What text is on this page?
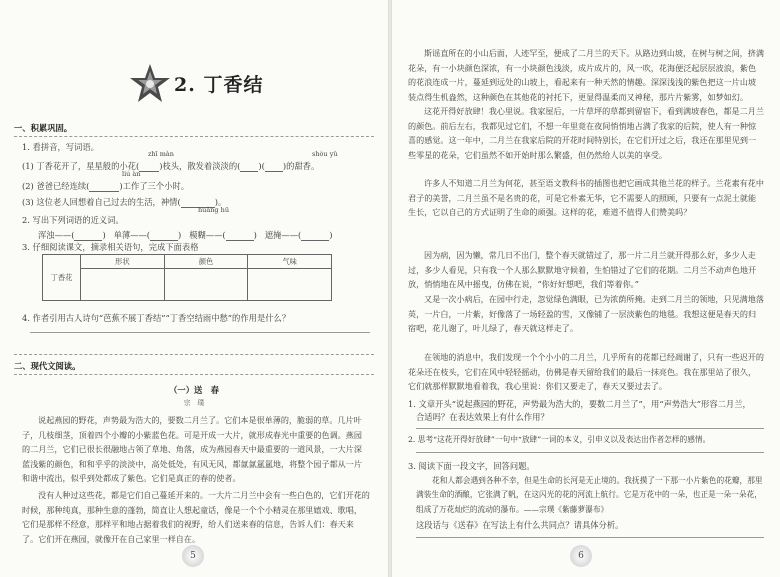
2. 丁香结
一、积累巩固。
1. 看拼音，写词语。
zhī màn	shòu yǔ
(1) 丁香花开了，星星般的小花( )枝头，散发着淡淡的( )( )的甜香。
liú àn
(2) 爸爸已经连续(	)工作了三个小时。
(3) 这位老人回想着自己过去的生活，神情(	)。
huǎng hū
2. 写出下列词语的近义词。
浑浊——(	) 单薄——(	) 模糊——(	) 遮掩——(	)
3. 仔细阅读课文，摘录相关语句，完成下面表格
丁香花	形状	颜色	气味

4. 作者引用古人诗句“芭蕉不展丁香结”“丁香空结雨中愁”的作用是什么？
二、现代文阅读。
（一）送　春
宗　璞
说起燕园的野花，声势最为浩大的，要数二月兰了。它们本是很单薄的，脆弱的草。几片叶子，几枝细茎，顶着四个小瓣的小紫蓝色花。可是开成一大片，就形成春光中重要的色调。燕园的二月兰，它们已很长很融地占领了草地、角落，成为燕园春天中最重要的一道风景，一大片深蓝浅紫的颜色，和和乎乎的淡淡中，高处低处，有风无风，都氤氤氲氲地，将整个园子都从一片和谐中流出，似乎到处都成了紫色。它们是真正的春的使者。
没有人种过这些花，都是它们自己蔓延开来的。一大片二月兰中会有一些白色的，它们开花的时候，那种纯真，那种生意的蓬勃，简直让人想起童话，像是一个个小精灵在那里嬉戏、歌唱，它们是那样不经意，那样平和地占据着我们的视野，给人们送来春的信息，告诉人们：春天来了。它们开在燕园，就像开在自己家里一样自在。
5
斯谣直所在的小山后面，人迹罕至，便成了二月兰的天下。从路边到山坡，在树与树之间，挤满花朵，有一小块颜色深浓，有一小块颜色浅淡，成片成片的，风一吹，花海便泛起层层波浪，紫色的花浪连成一片，蔓延到远处的山坡上，看起来有一种天然的情趣。深深浅浅的紫色把这一片山坡装点得生机盎然，这种颜色在其他花的衬托下，更显得温柔而又神秘，那片片紫雾，如梦如幻。
这花开得好放肆！我心里说。我家屋后，一片草坪的草都到留宿下，看到满坡春色，都是二月兰的颜色。前后左右，我都见过它们，不想一年里竟在夜间悄悄地占满了我家的后院，使人有一种惊喜的感觉。这一年中，二月兰在我家后院的开花时间特别长，在它们开过之后，我还在那里见到一些零星的花朵，它们虽然不如开始时那么繁盛，但仍然给人以美的享受。
许多人不知道二月兰为何花，甚至语文教科书的插图也把它画成其他兰花的样子。兰花素有花中君子的美誉，二月兰虽不是名贵的花，可是它朴素无华，它不需要人的照顾，只要有一点泥土就能生长，它以自己的方式证明了生命的顽强。这样的花，难道不值得人们赞美吗？
因为病，因为懒，常几日不出门，整个春天就错过了，那一片二月兰就开得那么好，多少人走过，多少人看见，只有我一个人那么默默地守候着，生怕错过了它们的花期。二月兰不动声色地开放，悄悄地在风中摇曳，仿佛在说，“你好好想吧，我们等着你。”
又是一次小病后，在园中行走，忽觉绿色满眼，已为浓荫所掩。走到二月兰的领地，只见满地落英，一片白，一片紫，好像落了一场轻盈的雪，又像铺了一层淡紫色的地毯。我想这便是春天的归宿吧，花儿谢了，叶儿绿了，春天就这样走了。
在领地的消息中，我们发现一个个小小的二月兰，几乎所有的花都已经凋谢了，只有一些迟开的花朵还在枝头，它们在风中轻轻摇动，仿佛是春天留给我们的最后一抹亮色。我在那里站了很久，它们就那样默默地看着我，我心里说：你们又要走了，春天又要过去了。
1. 文章开头“说起燕园的野花，声势最为浩大的，要数二月兰了”，用“声势浩大”形容二月兰，
合适吗？在表达效果上有什么作用？
2. 思考“这花开得好放肆”一句中“放肆”一词的本义，引申义以及表达出作者怎样的感情。
3. 阅读下面一段文字，回答问题。
花和人都会遇到各种不幸，但是生命的长河是无止境的。我抚摸了一下那一小片紫色的花瓣，那里满装生命的酒酿，它张满了帆，在这闪光的花的河流上航行。它是万花中的一朵，也正是一朵一朵花，组成了万花灿烂的流动的瀑布。——宗璞《紫藤萝瀑布》
这段话与《送春》在写法上有什么共同点？请具体分析。
6
